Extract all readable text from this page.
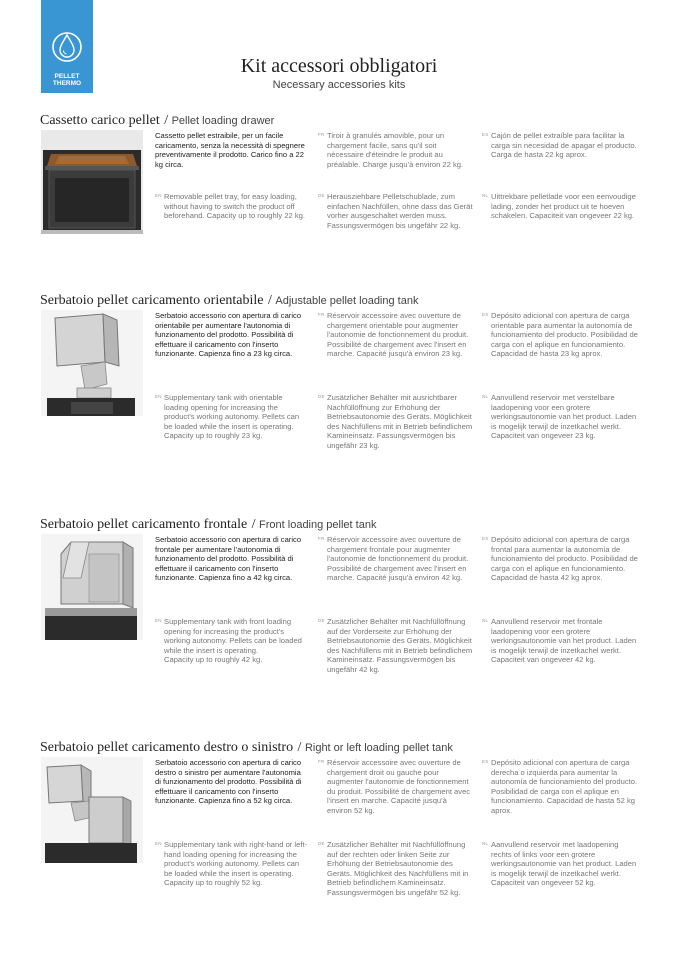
PELLET
THERMO
Kit accessori obbligatori
Necessary accessories kits
Cassetto carico pellet / Pellet loading drawer
Cassetto pellet estraibile, per un facile caricamento, senza la necessità di spegnere preventivamente il prodotto. Carico fino a 22 kg circa.
FR Tiroir à granulés amovible, pour un chargement facile, sans qu'il soit nécessaire d'éteindre le produit au préalable. Charge jusqu'à environ 22 kg.
ES Cajón de pellet extraíble para facilitar la carga sin necesidad de apagar el producto. Carga de hasta 22 kg aprox.
EN Removable pellet tray, for easy loading, without having to switch the product off beforehand. Capacity up to roughly 22 kg.
DE Herausziehbare Pelletschublade, zum einfachen Nachfüllen, ohne dass das Gerät vorher ausgeschaltet werden muss. Fassungsvermögen bis ungefähr 22 kg.
NL Uittrekbare pelletlade voor een eenvoudige lading, zonder het product uit te hoeven schakelen. Capaciteit van ongeveer 22 kg.
Serbatoio pellet caricamento orientabile / Adjustable pellet loading tank
Serbatoio accessorio con apertura di carico orientabile per aumentare l'autonomia di funzionamento del prodotto. Possibilità di effettuare il caricamento con l'inserto funzionante. Capienza fino a 23 kg circa.
FR Réservoir accessoire avec ouverture de chargement orientable pour augmenter l'autonomie de fonctionnement du produit. Possibilité de chargement avec l'insert en marche. Capacité jusqu'à environ 23 kg.
ES Depósito adicional con apertura de carga orientable para aumentar la autonomía de funcionamiento del producto. Posibilidad de carga con el aplique en funcionamiento. Capacidad de hasta 23 kg aprox.
EN Supplementary tank with orientable loading opening for increasing the product's working autonomy. Pellets can be loaded while the insert is operating. Capacity up to roughly 23 kg.
DE Zusätzlicher Behälter mit ausrichtbarer Nachfüllöffnung zur Erhöhung der Betriebsautonomie des Geräts. Möglichkeit des Nachfüllens mit in Betrieb befindlichem Kamineinsatz. Fassungsvermögen bis ungefähr 23 kg.
NL Aanvullend reservoir met verstelbare laadopening voor een grotere werkingsautonomie van het product. Laden is mogelijk terwijl de inzetkachel werkt. Capaciteit van ongeveer 23 kg.
Serbatoio pellet caricamento frontale / Front loading pellet tank
Serbatoio accessorio con apertura di carico frontale per aumentare l'autonomia di funzionamento del prodotto. Possibilità di effettuare il caricamento con l'inserto funzionante. Capienza fino a 42 kg circa.
FR Réservoir accessoire avec ouverture de chargement frontale pour augmenter l'autonomie de fonctionnement du produit. Possibilité de chargement avec l'insert en marche. Capacité jusqu'à environ 42 kg.
ES Depósito adicional con apertura de carga frontal para aumentar la autonomía de funcionamiento del producto. Posibilidad de carga con el aplique en funcionamiento. Capacidad de hasta 42 kg aprox.
EN Supplementary tank with front loading opening for increasing the product's working autonomy. Pellets can be loaded while the insert is operating.
Capacity up to roughly 42 kg.
DE Zusätzlicher Behälter mit Nachfüllöffnung auf der Vorderseite zur Erhöhung der Betriebsautonomie des Geräts. Möglichkeit des Nachfüllens mit in Betrieb befindlichem Kamineinsatz. Fassungsvermögen bis ungefähr 42 kg.
NL Aanvullend reservoir met frontale laadopening voor een grotere werkingsautonomie van het product. Laden is mogelijk terwijl de inzetkachel werkt. Capaciteit van ongeveer 42 kg.
Serbatoio pellet caricamento destro o sinistro / Right or left loading pellet tank
Serbatoio accessorio con apertura di carico destro o sinistro per aumentare l'autonomia di funzionamento del prodotto. Possibilità di effettuare il caricamento con l'inserto funzionante. Capienza fino a 52 kg circa.
FR Réservoir accessoire avec ouverture de chargement droit ou gauche pour augmenter l'autonomie de fonctionnement du produit. Possibilité de chargement avec l'insert en marche. Capacité jusqu'à environ 52 kg.
ES Depósito adicional con apertura de carga derecha o izquierda para aumentar la autonomía de funcionamiento del producto. Posibilidad de carga con el aplique en funcionamiento. Capacidad de hasta 52 kg aprox.
EN Supplementary tank with right-hand or left-hand loading opening for increasing the product's working autonomy. Pellets can be loaded while the insert is operating. Capacity up to roughly 52 kg.
DE Zusätzlicher Behälter mit Nachfüllöffnung auf der rechten oder linken Seite zur Erhöhung der Betriebsautonomie des Geräts. Möglichkeit des Nachfüllens mit in Betrieb befindlichem Kamineinsatz. Fassungsvermögen bis ungefähr 52 kg.
NL Aanvullend reservoir met laadopening rechts of links voor een grotere werkingsautonomie van het product. Laden is mogelijk terwijl de inzetkachel werkt. Capaciteit van ongeveer 52 kg.
